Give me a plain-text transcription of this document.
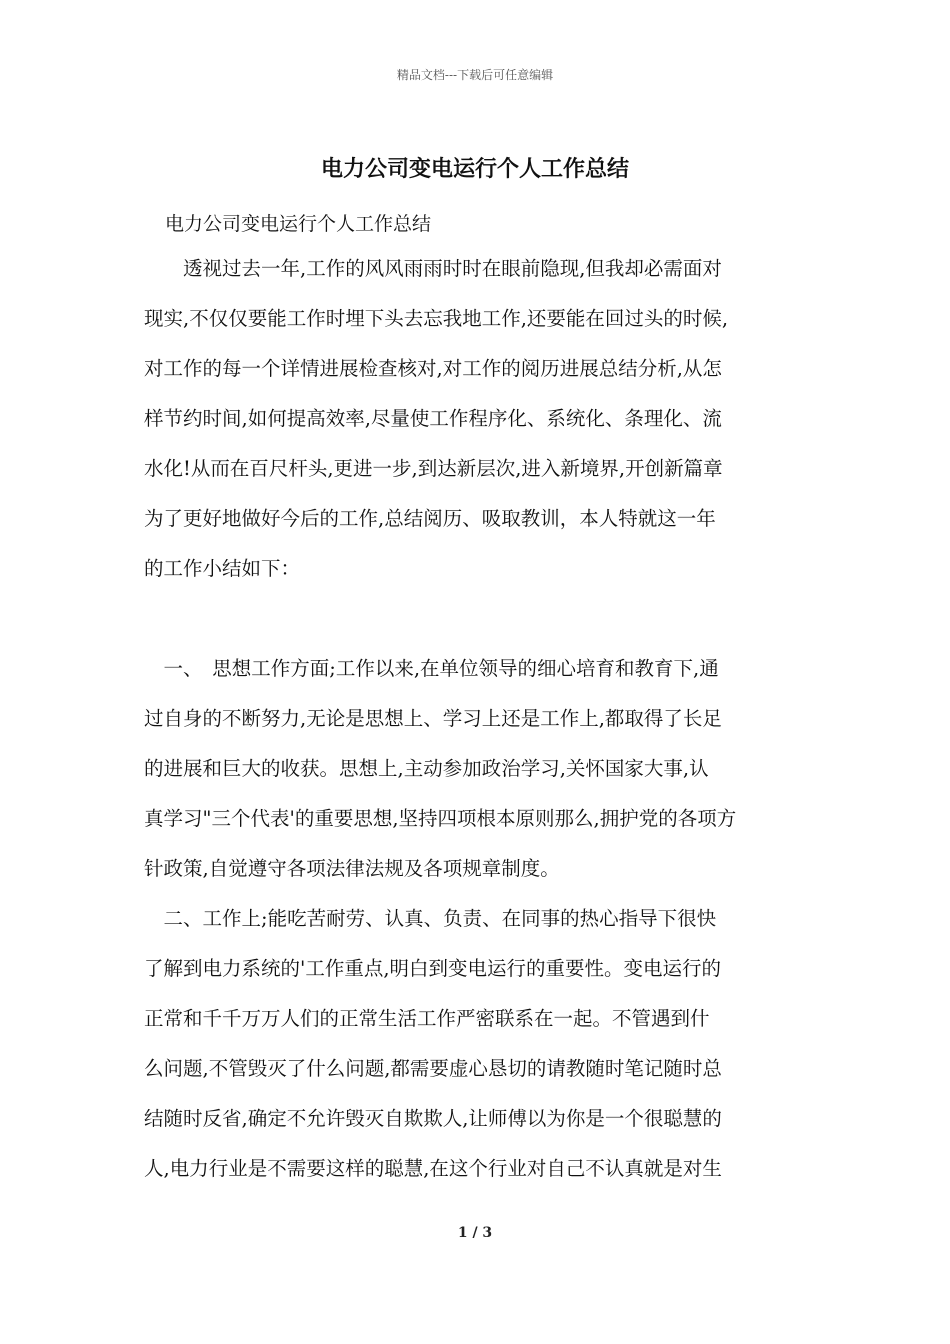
精品文档---下载后可任意编辑
电力公司变电运行个人工作总结
电力公司变电运行个人工作总结
　　透视过去一年,工作的风风雨雨时时在眼前隐现,但我却必需面对
现实,不仅仅要能工作时埋下头去忘我地工作,还要能在回过头的时候,
对工作的每一个详情进展检查核对,对工作的阅历进展总结分析,从怎
样节约时间,如何提高效率,尽量使工作程序化、系统化、条理化、流
水化!从而在百尺杆头,更进一步,到达新层次,进入新境界,开创新篇章
为了更好地做好今后的工作,总结阅历、吸取教训，本人特就这一年
的工作小结如下：
　一、　思想工作方面;工作以来,在单位领导的细心培育和教育下,通
过自身的不断努力,无论是思想上、学习上还是工作上,都取得了长足
的进展和巨大的收获。思想上,主动参加政治学习,关怀国家大事,认
真学习"三个代表'的重要思想,坚持四项根本原则那么,拥护党的各项方
针政策,自觉遵守各项法律法规及各项规章制度。
　二、工作上;能吃苦耐劳、认真、负责、在同事的热心指导下很快
了解到电力系统的'工作重点,明白到变电运行的重要性。变电运行的
正常和千千万万人们的正常生活工作严密联系在一起。不管遇到什
么问题,不管毁灭了什么问题,都需要虚心恳切的请教随时笔记随时总
结随时反省,确定不允许毁灭自欺欺人,让师傅以为你是一个很聪慧的
人,电力行业是不需要这样的聪慧,在这个行业对自己不认真就是对生
1 / 3
